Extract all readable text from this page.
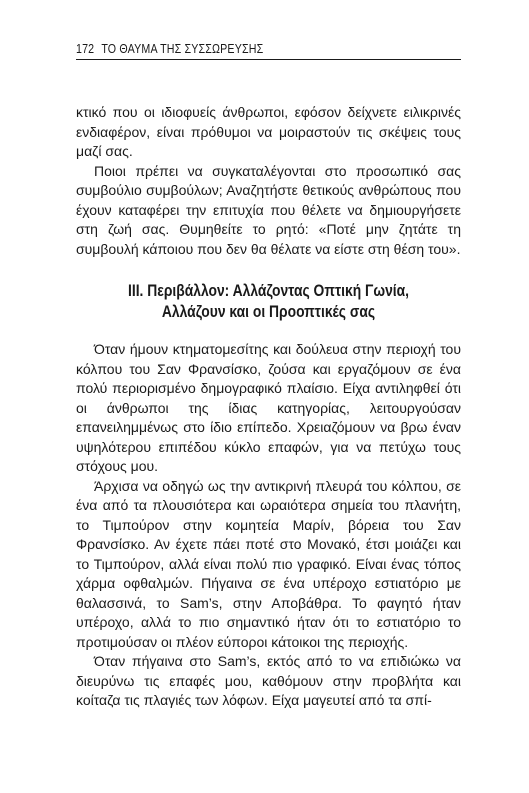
172 ΤΟ ΘΑΥΜΑ ΤΗΣ ΣΥΣΣΩΡΕΥΣΗΣ

κτικό που οι ιδιοφυείς άνθρωποι, εφόσον δείχνετε ειλικρινές ενδιαφέρον, είναι πρόθυμοι να μοιραστούν τις σκέψεις τους μαζί σας.

Ποιοι πρέπει να συγκαταλέγονται στο προσωπικό σας συμβούλιο συμβούλων; Αναζητήστε θετικούς ανθρώπους που έχουν καταφέρει την επιτυχία που θέλετε να δημιουργήσετε στη ζωή σας. Θυμηθείτε το ρητό: «Ποτέ μην ζητάτε τη συμβουλή κάποιου που δεν θα θέλατε να είστε στη θέση του».

ΙΙΙ. Περιβάλλον: Αλλάζοντας Οπτική Γωνία,
Αλλάζουν και οι Προοπτικές σας

Όταν ήμουν κτηματομεσίτης και δούλευα στην περιοχή του κόλπου του Σαν Φρανσίσκο, ζούσα και εργαζόμουν σε ένα πολύ περιορισμένο δημογραφικό πλαίσιο. Είχα αντιληφθεί ότι οι άνθρωποι της ίδιας κατηγορίας, λειτουργούσαν επανειλημμένως στο ίδιο επίπεδο. Χρειαζόμουν να βρω έναν υψηλότερου επιπέδου κύκλο επαφών, για να πετύχω τους στόχους μου.

Άρχισα να οδηγώ ως την αντικρινή πλευρά του κόλπου, σε ένα από τα πλουσιότερα και ωραιότερα σημεία του πλανήτη, το Τιμπούρον στην κομητεία Μαρίν, βόρεια του Σαν Φρανσίσκο. Αν έχετε πάει ποτέ στο Μονακό, έτσι μοιάζει και το Τιμπούρον, αλλά είναι πολύ πιο γραφικό. Είναι ένας τόπος χάρμα οφθαλμών. Πήγαινα σε ένα υπέροχο εστιατόριο με θαλασσινά, το Sam’s, στην Αποβάθρα. Το φαγητό ήταν υπέροχο, αλλά το πιο σημαντικό ήταν ότι το εστιατόριο το προτιμούσαν οι πλέον εύποροι κάτοικοι της περιοχής.

Όταν πήγαινα στο Sam’s, εκτός από το να επιδιώκω να διευρύνω τις επαφές μου, καθόμουν στην προβλήτα και κοίταζα τις πλαγιές των λόφων. Είχα μαγευτεί από τα σπί-
